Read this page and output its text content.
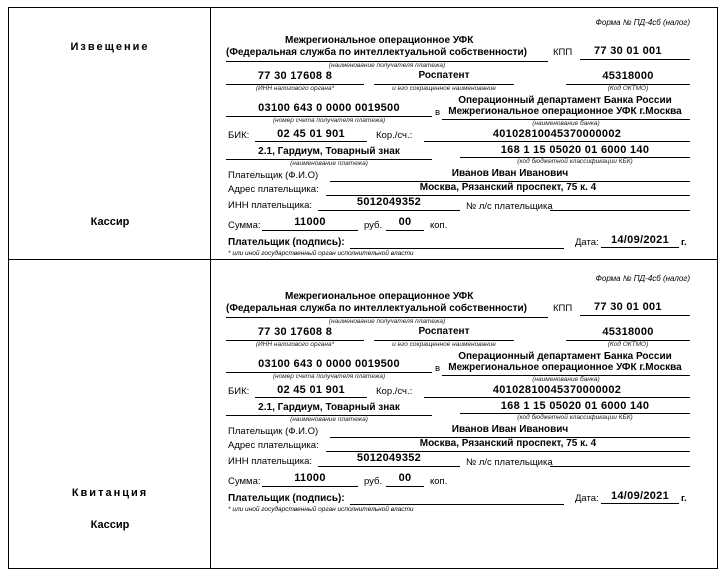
Извещение
Кассир
Форма № ПД-4сб (налог)
Межрегиональное операционное УФК
(Федеральная служба по интеллектуальной собственности)
(наименование получателя платежа)
КПП 77 30 01 001
77 30 17608 8
(ИНН налогового органа*
Роспатент
и его сокращенное наименование
45318000
(Код ОКТМО)
03100 643 0 0000 0019500
(номер счета получателя платежа)
Операционный департамент Банка России
в Межрегиональное операционное УФК г.Москва
(наименование банка)
БИК:	02 45 01 901	Кор./сч.:	40102810045370000002
2.1, Гардиум, Товарный знак
(наименование платежа)
168 1 15 05020 01 6000 140
(код бюджетной классификации КБК)
Плательщик (Ф.И.О)	Иванов Иван Иванович
Адрес плательщика:	Москва, Рязанский проспект, 75 к. 4
ИНН плательщика:	5012049352	№ л/с плательщика
Сумма:	11000	руб.	00	коп.
Плательщик (подпись):	Дата:	14/09/2021	г.
* или иной государственный орган исполнительной власти
Квитанция
Кассир
Форма № ПД-4сб (налог)
Межрегиональное операционное УФК
(Федеральная служба по интеллектуальной собственности)
(наименование получателя платежа)
КПП 77 30 01 001
77 30 17608 8
(ИНН налогового органа*
Роспатент
и его сокращенное наименование
45318000
(Код ОКТМО)
03100 643 0 0000 0019500
(номер счета получателя платежа)
Операционный департамент Банка России
в Межрегиональное операционное УФК г.Москва
(наименование банка)
БИК:	02 45 01 901	Кор./сч.:	40102810045370000002
2.1, Гардиум, Товарный знак
(наименование платежа)
168 1 15 05020 01 6000 140
(код бюджетной классификации КБК)
Плательщик (Ф.И.О)	Иванов Иван Иванович
Адрес плательщика:	Москва, Рязанский проспект, 75 к. 4
ИНН плательщика:	5012049352	№ л/с плательщика
Сумма:	11000	руб.	00	коп.
Плательщик (подпись):	Дата:	14/09/2021	г.
* или иной государственный орган исполнительной власти
